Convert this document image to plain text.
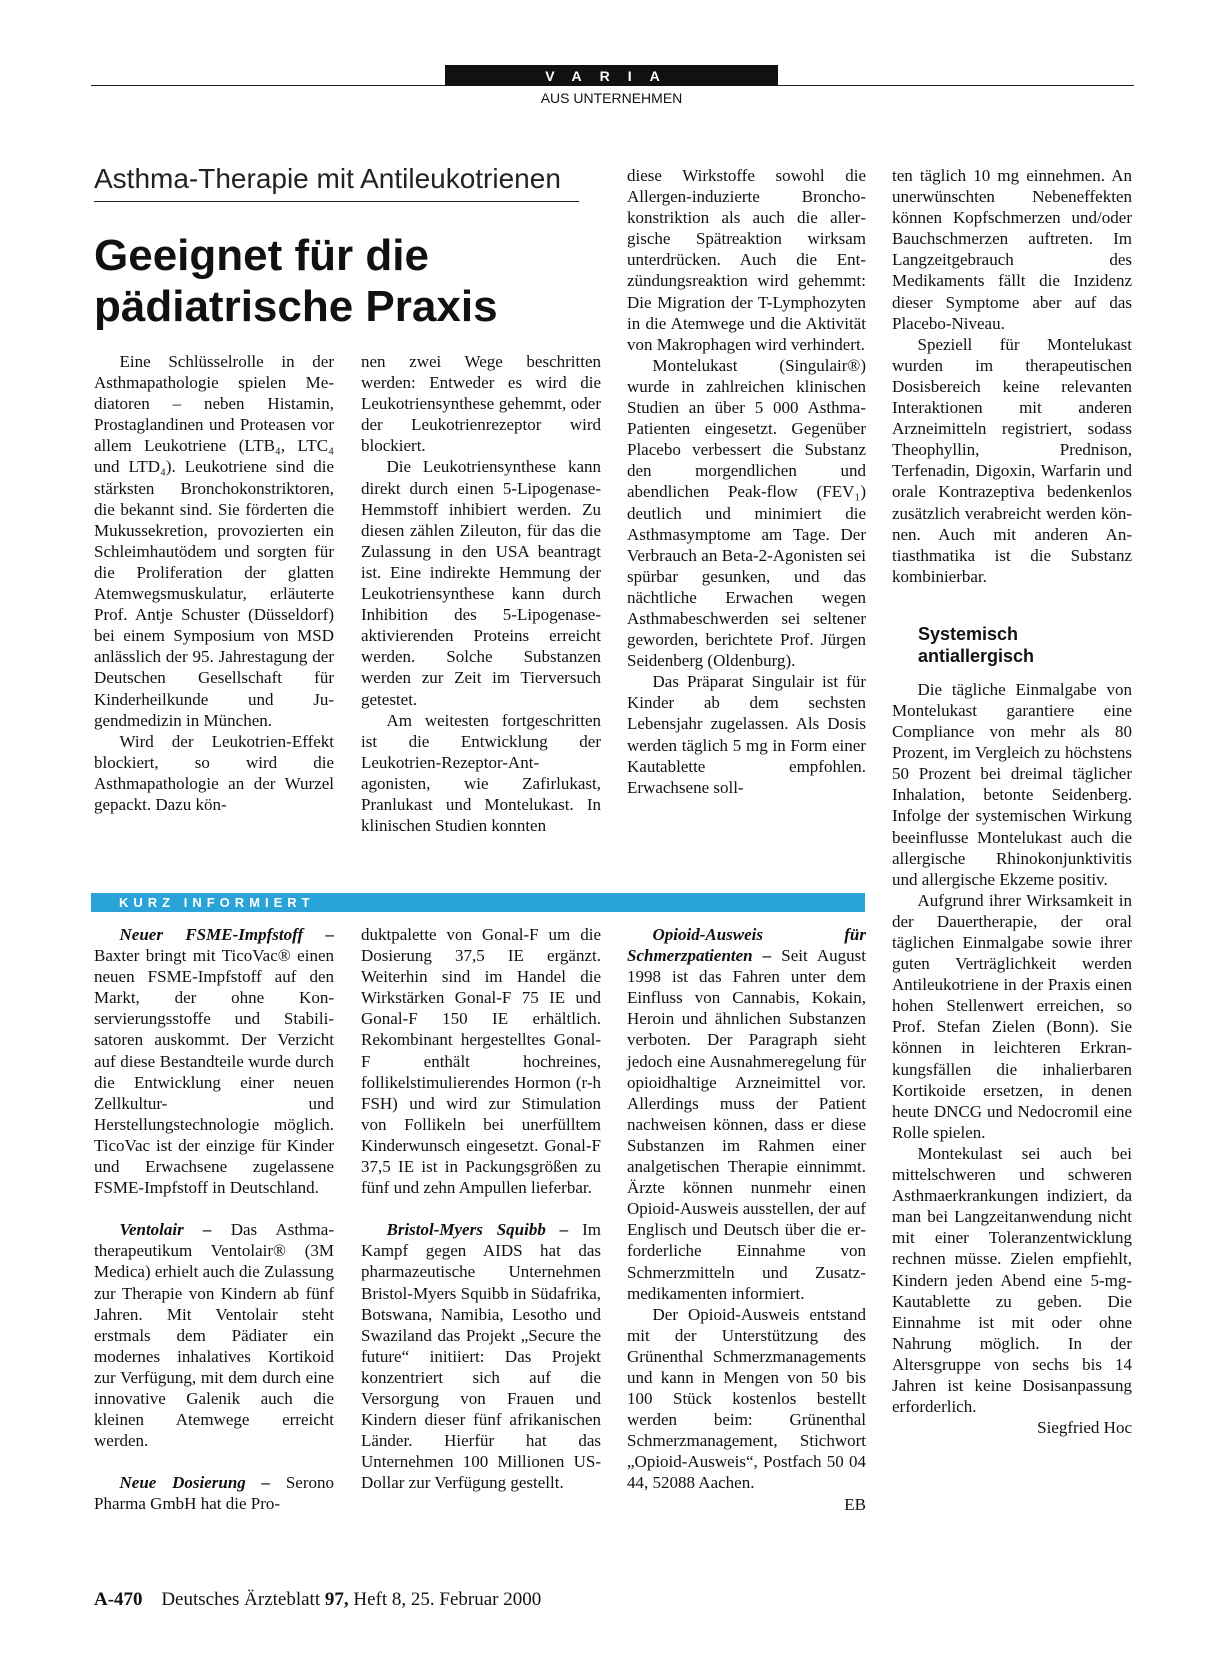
VARIA
AUS UNTERNEHMEN
Asthma-Therapie mit Antileukotrienen
Geeignet für die
pädiatrische Praxis

Eine Schlüsselrolle in der Asthmapathologie spielen Mediatoren – neben Histamin, Prostaglandinen und Proteasen vor allem Leukotriene (LTB₄, LTC₄ und LTD₄). Leukotriene sind die stärksten Bronchokonstriktoren, die bekannt sind. Sie förderten die Mukussekretion, provozierten ein Schleimhautödem und sorgten für die Proliferation der glatten Atemwegsmuskulatur, erläuterte Prof. Antje Schuster (Düsseldorf) bei einem Symposium von MSD anlässlich der 95. Jahrestagung der Deutschen Gesellschaft für Kinderheilkunde und Jugendmedizin in München.

Wird der Leukotrien-Effekt blockiert, so wird die Asthmapathologie an der Wurzel gepackt. Dazu kön-

nen zwei Wege beschritten werden: Entweder es wird die Leukotriensynthese gehemmt, oder der Leukotrienrezeptor wird blockiert.

Die Leukotriensynthese kann direkt durch einen 5-Lipogenase-Hemmstoff inhibiert werden. Zu diesen zählen Zileuton, für das die Zulassung in den USA beantragt ist. Eine indirekte Hemmung der Leukotriensynthese kann durch Inhibition des 5-Lipogenase-aktivierenden Proteins erreicht werden. Solche Substanzen werden zur Zeit im Tierversuch getestet.

Am weitesten fortgeschritten ist die Entwicklung der Leukotrien-Rezeptor-Antagonisten, wie Zafirlukast, Pranlukast und Montelukast. In klinischen Studien konnten

diese Wirkstoffe sowohl die Allergen-induzierte Bronchokonstriktion als auch die allergische Spätreaktion wirksam unterdrücken. Auch die Entzündungsreaktion wird gehemmt: Die Migration der T-Lymphozyten in die Atemwege und die Aktivität von Makrophagen wird verhindert.

Montelukast (Singulair®) wurde in zahlreichen klinischen Studien an über 5 000 Asthma-Patienten eingesetzt. Gegenüber Placebo verbessert die Substanz den morgendlichen und abendlichen Peak-flow (FEV₁) deutlich und minimiert die Asthmasymptome am Tage. Der Verbrauch an Beta-2-Agonisten sei spürbar gesunken, und das nächtliche Erwachen wegen Asthmabeschwerden sei seltener geworden, berichtete Prof. Jürgen Seidenberg (Oldenburg).

Das Präparat Singulair ist für Kinder ab dem sechsten Lebensjahr zugelassen. Als Dosis werden täglich 5 mg in Form einer Kautablette empfohlen. Erwachsene soll-

ten täglich 10 mg einnehmen. An unerwünschten Nebeneffekten können Kopfschmerzen und/oder Bauchschmerzen auftreten. Im Langzeitgebrauch des Medikaments fällt die Inzidenz dieser Symptome aber auf das Placebo-Niveau.

Speziell für Montelukast wurden im therapeutischen Dosisbereich keine relevanten Interaktionen mit anderen Arzneimitteln registriert, sodass Theophyllin, Prednison, Terfenadin, Digoxin, Warfarin und orale Kontrazeptiva bedenkenlos zusätzlich verabreicht werden können. Auch mit anderen Antiasthmatika ist die Substanz kombinierbar.

Systemisch antiallergisch

Die tägliche Einmalgabe von Montelukast garantiere eine Compliance von mehr als 80 Prozent, im Vergleich zu höchstens 50 Prozent bei dreimal täglicher Inhalation, betonte Seidenberg. Infolge der systemischen Wirkung beeinflusse Montelukast auch die allergische Rhinokonjunktivitis und allergische Ekzeme positiv.

Aufgrund ihrer Wirksamkeit in der Dauertherapie, der oral täglichen Einmalgabe sowie ihrer guten Verträglichkeit werden Antileukotriene in der Praxis einen hohen Stellenwert erreichen, so Prof. Stefan Zielen (Bonn). Sie können in leichteren Erkrankungsfällen die inhalierbaren Kortikoide ersetzen, in denen heute DNCG und Nedocromil eine Rolle spielen.

Montekulast sei auch bei mittelschweren und schweren Asthmaerkrankungen indiziert, da man bei Langzeitanwendung nicht mit einer Toleranzentwicklung rechnen müsse. Zielen empfiehlt, Kindern jeden Abend eine 5-mg-Kautablette zu geben. Die Einnahme ist mit oder ohne Nahrung möglich. In der Altersgruppe von sechs bis 14 Jahren ist keine Dosisanpassung erforderlich.

Siegfried Hoc
KURZ INFORMIERT

Neuer FSME-Impfstoff – Baxter bringt mit TicoVac® einen neuen FSME-Impfstoff auf den Markt, der ohne Konservierungsstoffe und Stabilisatoren auskommt. Der Verzicht auf diese Bestandteile wurde durch die Entwicklung einer neuen Zellkultur- und Herstellungstechnologie möglich. TicoVac ist der einzige für Kinder und Erwachsene zugelassene FSME-Impfstoff in Deutschland.

Ventolair – Das Asthmatherapeutikum Ventolair® (3M Medica) erhielt auch die Zulassung zur Therapie von Kindern ab fünf Jahren. Mit Ventolair steht erstmals dem Pädiater ein modernes inhalatives Kortikoid zur Verfügung, mit dem durch eine innovative Galenik auch die kleinen Atemwege erreicht werden.

Neue Dosierung – Serono Pharma GmbH hat die Pro-

duktpalette von Gonal-F um die Dosierung 37,5 IE ergänzt. Weiterhin sind im Handel die Wirkstärken Gonal-F 75 IE und Gonal-F 150 IE erhältlich. Rekombinant hergestelltes Gonal-F enthält hochreines, follikelstimulierendes Hormon (r-h FSH) und wird zur Stimulation von Follikeln bei unerfülltem Kinderwunsch eingesetzt. Gonal-F 37,5 IE ist in Packungsgrößen zu fünf und zehn Ampullen lieferbar.

Bristol-Myers Squibb – Im Kampf gegen AIDS hat das pharmazeutische Unternehmen Bristol-Myers Squibb in Südafrika, Botswana, Namibia, Lesotho und Swaziland das Projekt „Secure the future“ initiiert: Das Projekt konzentriert sich auf die Versorgung von Frauen und Kindern dieser fünf afrikanischen Länder. Hierfür hat das Unternehmen 100 Millionen US-Dollar zur Verfügung gestellt.

Opioid-Ausweis für Schmerzpatienten – Seit August 1998 ist das Fahren unter dem Einfluss von Cannabis, Kokain, Heroin und ähnlichen Substanzen verboten. Der Paragraph sieht jedoch eine Ausnahmeregelung für opioidhaltige Arzneimittel vor. Allerdings muss der Patient nachweisen können, dass er diese Substanzen im Rahmen einer analgetischen Therapie einnimmt. Ärzte können nunmehr einen Opioid-Ausweis ausstellen, der auf Englisch und Deutsch über die erforderliche Einnahme von Schmerzmitteln und Zusatzmedikamenten informiert.

Der Opioid-Ausweis entstand mit der Unterstützung des Grünenthal Schmerzmanagements und kann in Mengen von 50 bis 100 Stück kostenlos bestellt werden beim: Grünenthal Schmerzmanagement, Stichwort „Opioid-Ausweis“, Postfach 50 04 44, 52088 Aachen.

EB
A-470 Deutsches Ärzteblatt 97, Heft 8, 25. Februar 2000
